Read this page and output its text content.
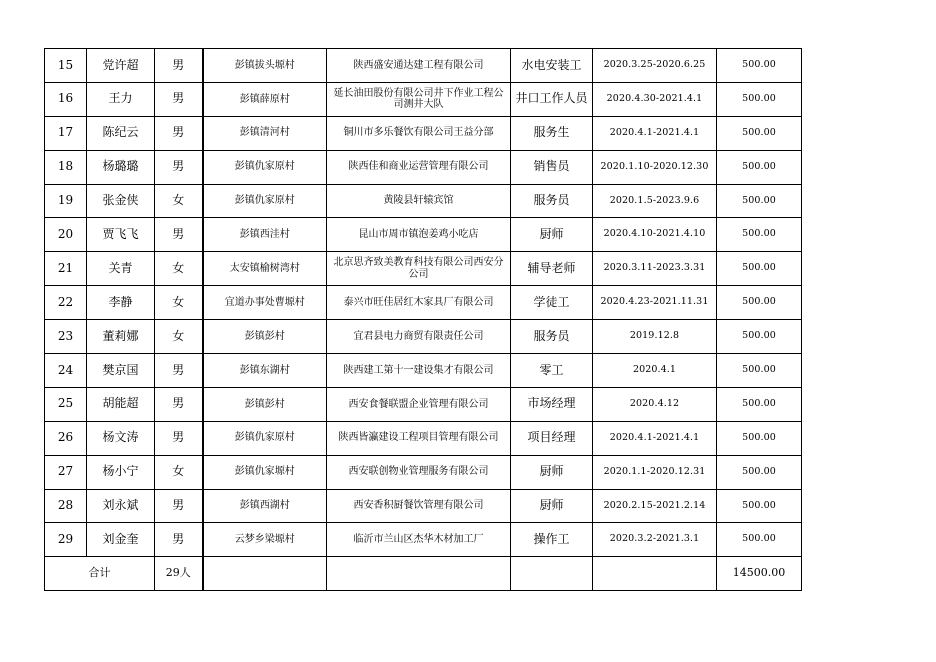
15	党许超	男	彭镇拔头塬村	陕西盛安通达建工程有限公司	水电安装工	2020.3.25-2020.6.25	500.00
16	王力	男	彭镇薛原村	延长油田股份有限公司井下作业工程公司测井大队	井口工作人员	2020.4.30-2021.4.1	500.00
17	陈纪云	男	彭镇清河村	铜川市多乐餐饮有限公司王益分部	服务生	2020.4.1-2021.4.1	500.00
18	杨璐璐	男	彭镇仇家原村	陕西佳和商业运营管理有限公司	销售员	2020.1.10-2020.12.30	500.00
19	张金侠	女	彭镇仇家原村	黄陵县轩辕宾馆	服务员	2020.1.5-2023.9.6	500.00
20	贾飞飞	男	彭镇西洼村	昆山市周市镇泡姜鸡小吃店	厨师	2020.4.10-2021.4.10	500.00
21	关青	女	太安镇榆树湾村	北京思齐致美教育科技有限公司西安分公司	辅导老师	2020.3.11-2023.3.31	500.00
22	李静	女	宜道办事处曹塬村	泰兴市旺佳居红木家具厂有限公司	学徒工	2020.4.23-2021.11.31	500.00
23	董莉娜	女	彭镇彭村	宜君县电力商贸有限责任公司	服务员	2019.12.8	500.00
24	樊京国	男	彭镇东湖村	陕西建工第十一建设集才有限公司	零工	2020.4.1	500.00
25	胡能超	男	彭镇彭村	西安食餐联盟企业管理有限公司	市场经理	2020.4.12	500.00
26	杨文涛	男	彭镇仇家原村	陕西皆瀛建设工程项目管理有限公司	项目经理	2020.4.1-2021.4.1	500.00
27	杨小宁	女	彭镇仇家塬村	西安联创物业管理服务有限公司	厨师	2020.1.1-2020.12.31	500.00
28	刘永斌	男	彭镇西湖村	西安香积厨餐饮管理有限公司	厨师	2020.2.15-2021.2.14	500.00
29	刘金奎	男	云梦乡梁塬村	临沂市兰山区杰华木材加工厂	操作工	2020.3.2-2021.3.1	500.00
合计		29人					14500.00
